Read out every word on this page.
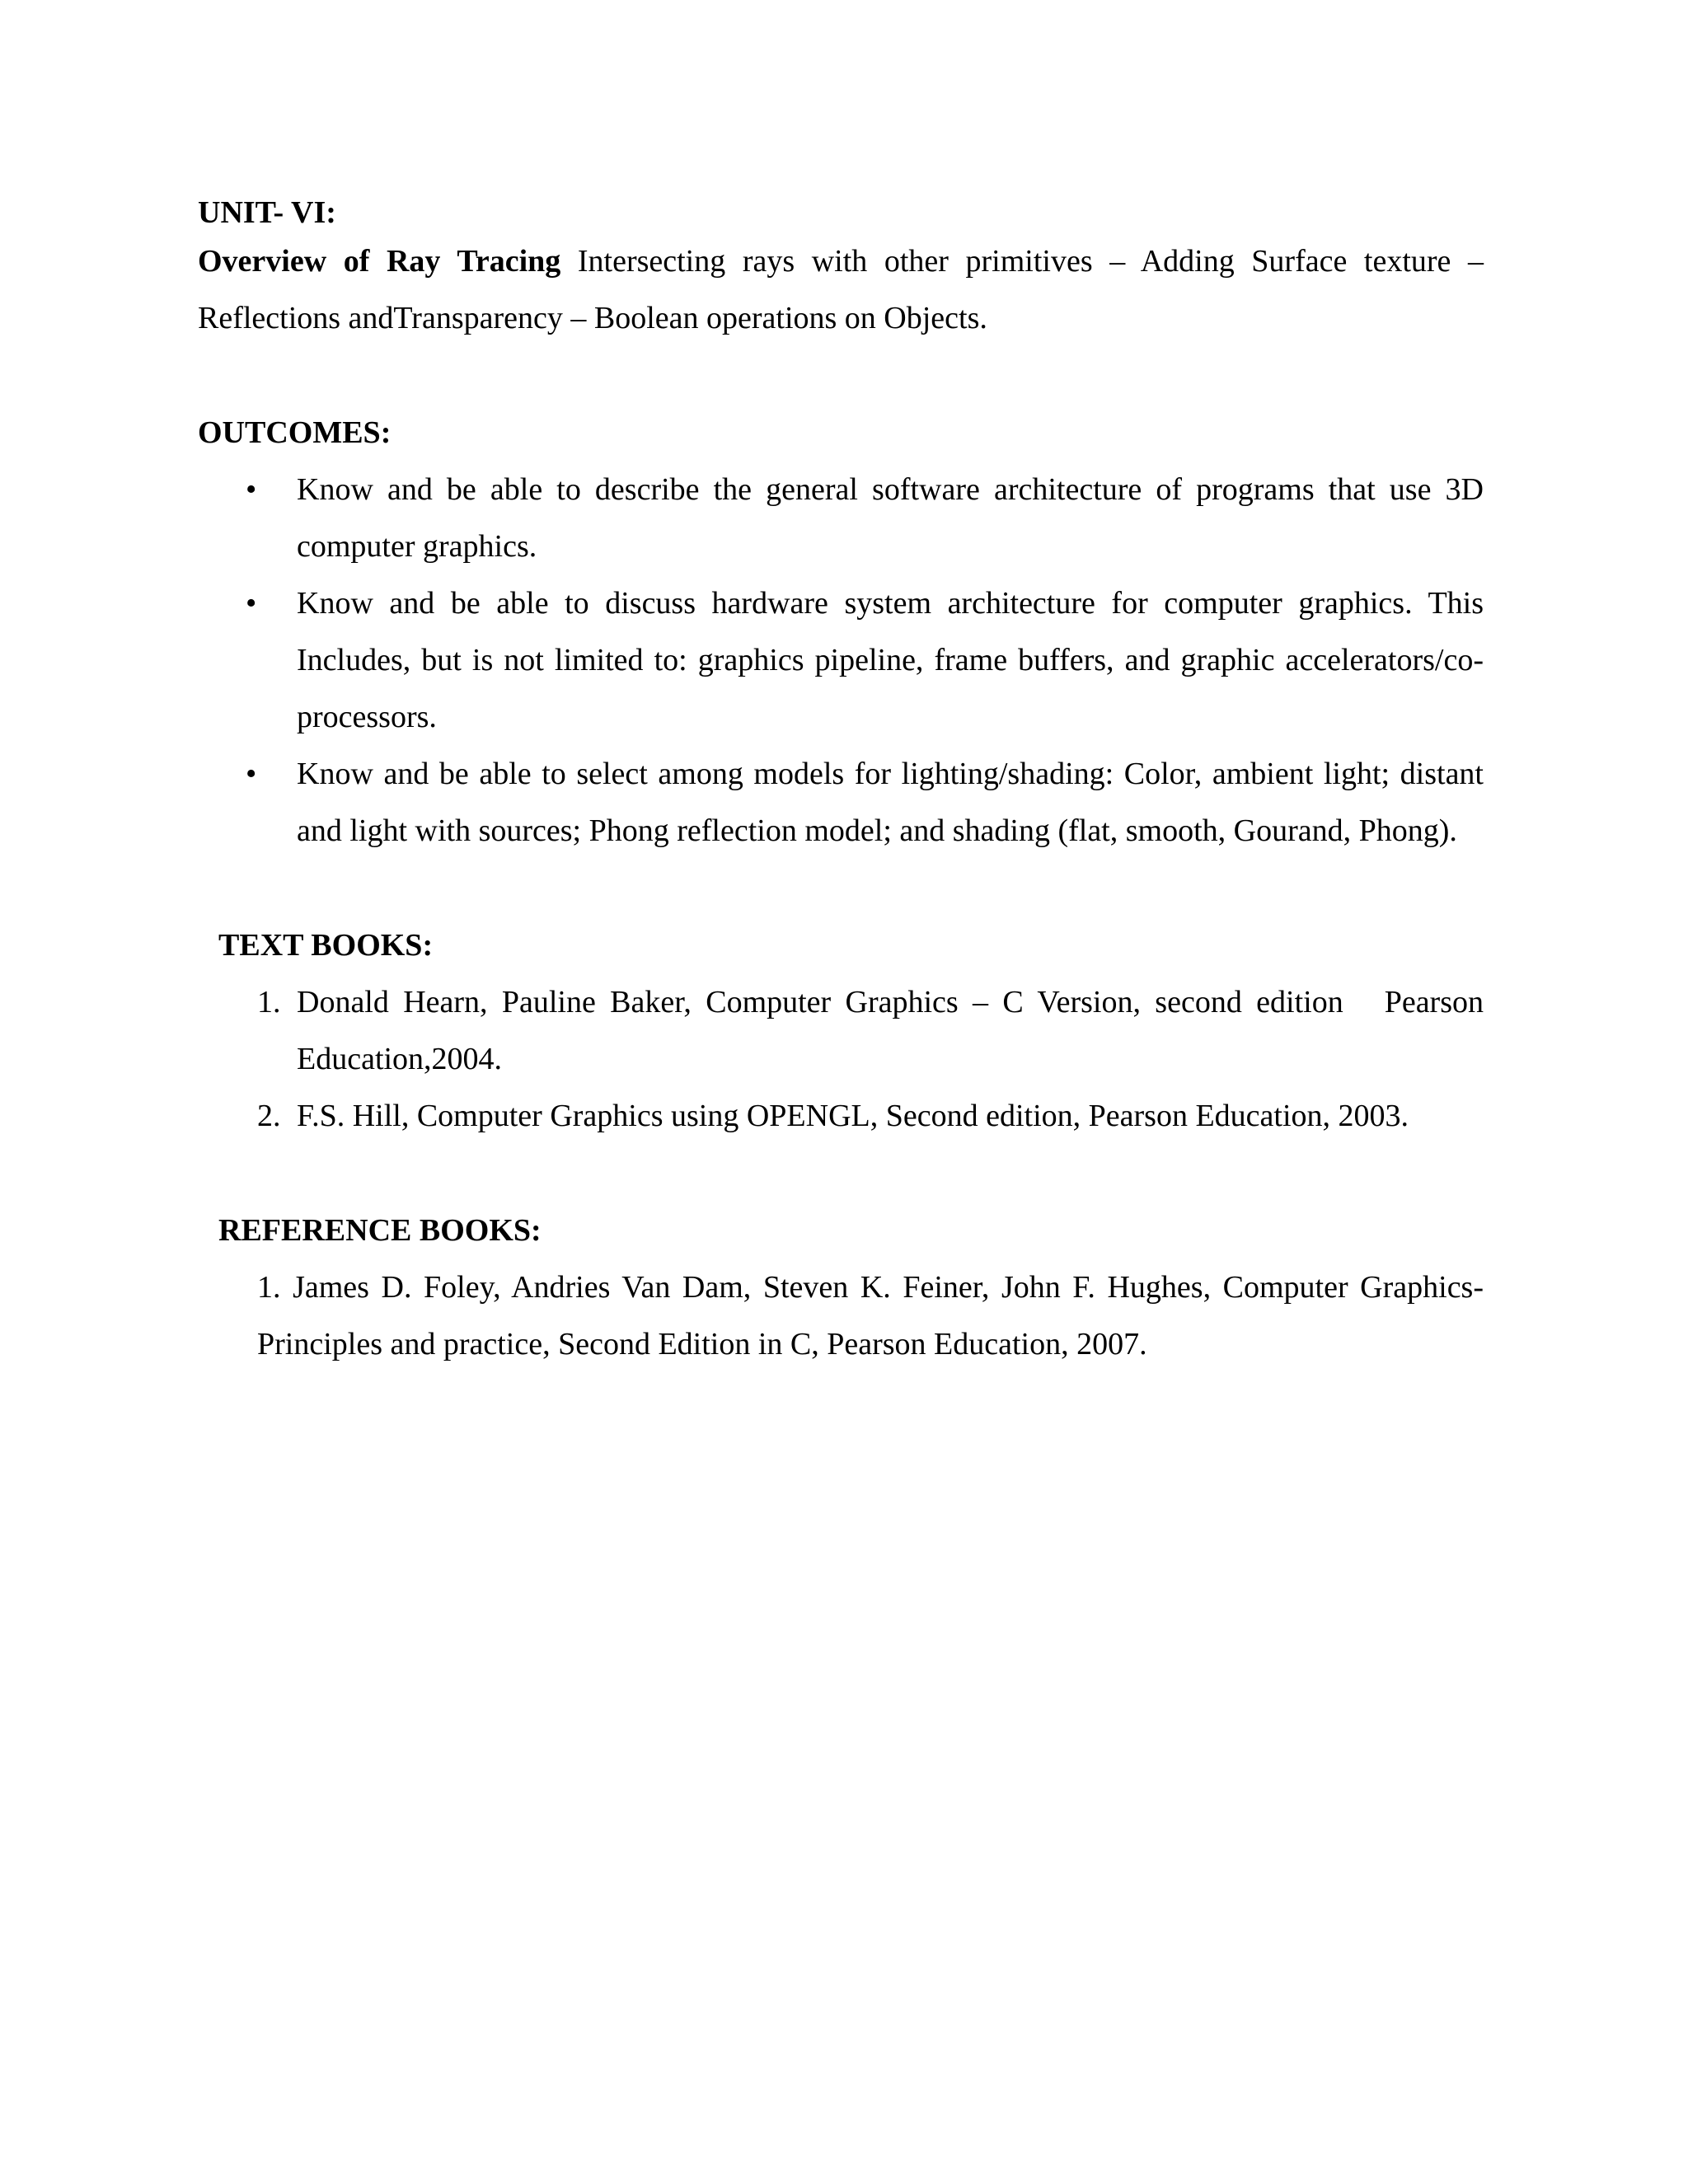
UNIT- VI:

Overview of Ray Tracing Intersecting rays with other primitives – Adding Surface texture – Reflections andTransparency – Boolean operations on Objects.

OUTCOMES:

• Know and be able to describe the general software architecture of programs that use 3D computer graphics.
• Know and be able to discuss hardware system architecture for computer graphics. This Includes, but is not limited to: graphics pipeline, frame buffers, and graphic accelerators/co-processors.
• Know and be able to select among models for lighting/shading: Color, ambient light; distant and light with sources; Phong reflection model; and shading (flat, smooth, Gourand, Phong).

TEXT BOOKS:

1. Donald Hearn, Pauline Baker, Computer Graphics – C Version, second edition Pearson Education,2004.
2. F.S. Hill, Computer Graphics using OPENGL, Second edition, Pearson Education, 2003.

REFERENCE BOOKS:

1. James D. Foley, Andries Van Dam, Steven K. Feiner, John F. Hughes, Computer Graphics- Principles and practice, Second Edition in C, Pearson Education, 2007.
